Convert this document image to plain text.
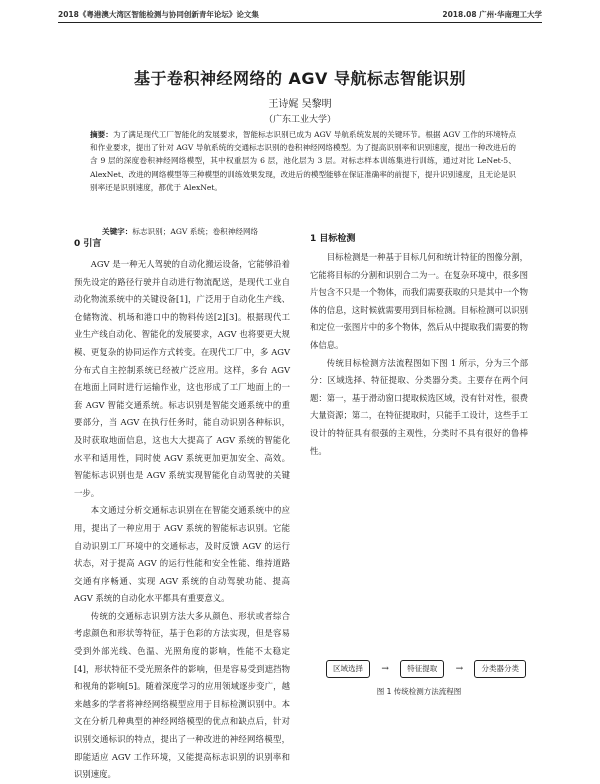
2018《粤港澳大湾区智能检测与协同创新青年论坛》论文集	2018.08 广州·华南理工大学
基于卷积神经网络的 AGV 导航标志智能识别
王诗娓 吴黎明
（广东工业大学）
摘要：为了满足现代工厂智能化的发展要求，智能标志识别已成为 AGV 导航系统发展的关键环节。根据 AGV 工作的环境特点和作业要求，提出了针对 AGV 导航系统的交通标志识别的卷积神经网络模型。为了提高识别率和识别速度，提出一种改进后的含 9 层的深度卷积神经网络模型，其中权重层为 6 层，池化层为 3 层。对标志样本训练集进行训练，通过对比 LeNet-5、AlexNet、改进的网络模型等三种模型的训练效果发现，改进后的模型能够在保证准确率的前提下，提升识别速度，且无论是识别率还是识别速度，都优于 AlexNet。
关键字：标志识别；AGV 系统；卷积神经网络
0 引言

AGV 是一种无人驾驶的自动化搬运设备，它能够沿着预先设定的路径行驶并自动进行物流配送，是现代工业自动化物流系统中的关键设备[1]，广泛用于自动化生产线、仓储物流、机场和港口中的物料传送[2][3]。根据现代工业生产线自动化、智能化的发展要求，AGV 也将要更大规模、更复杂的协同运作方式转变。在现代工厂中，多 AGV 分布式自主控制系统已经被广泛应用。这样，多台 AGV 在地面上同时进行运输作业，这也形成了工厂地面上的一套 AGV 智能交通系统。标志识别是智能交通系统中的重要部分，当 AGV 在执行任务时，能自动识别各种标识，及时获取地面信息，这也大大提高了 AGV 系统的智能化水平和适用性，同时使 AGV 系统更加更加安全、高效。智能标志识别也是 AGV 系统实现智能化自动驾驶的关键一步。

本文通过分析交通标志识别在在智能交通系统中的应用，提出了一种应用于 AGV 系统的智能标志识别。它能自动识别工厂环境中的交通标志，及时反馈 AGV 的运行状态，对于提高 AGV 的运行性能和安全性能、维持道路交通有序畅通、实现 AGV 系统的自动驾驶功能、提高 AGV 系统的自动化水平都具有重要意义。

传统的交通标志识别方法大多从颜色、形状或者综合考虑颜色和形状等特征，基于色彩的方法实现，但是容易受到外部光线、色温、光照角度的影响，性能不太稳定[4]，形状特征不受光照条件的影响，但是容易受到遮挡物和视角的影响[5]。随着深度学习的应用领域逐步变广，越来越多的学者将神经网络模型应用于目标检测识别中。本文在分析几种典型的神经网络模型的优点和缺点后，针对识别交通标识的特点，提出了一种改进的神经网络模型，即能适应 AGV 工作环境，又能提高标志识别的识别率和识别速度。

1 目标检测

目标检测是一种基于目标几何和统计特征的图像分割，它能将目标的分割和识别合二为一。在复杂环境中，很多图片包含不只是一个物体，而我们需要获取的只是其中一个物体的信息，这时候就需要用到目标检测。目标检测可以识别和定位一张图片中的多个物体，然后从中提取我们需要的物体信息。

传统目标检测方法流程图如下图 1 所示，分为三个部分：区域选择、特征提取、分类器分类。主要存在两个问题：第一，基于滑动窗口提取候选区域，没有针对性，很费大量资源；第二，在特征提取时，只能手工设计，这些手工设计的特征具有很强的主观性，分类时不具有很好的鲁棒性。

区域选择	→	特征提取	→	分类器分类
图 1 传统检测方法流程图
